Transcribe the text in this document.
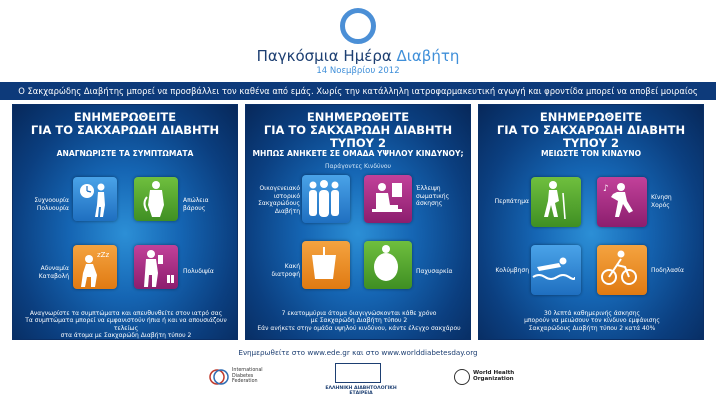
Παγκόσμια Ημέρα Διαβήτη
14 Νοεμβρίου 2012
Ο Σακχαρώδης Διαβήτης μπορεί να προσβάλλει τον καθένα από εμάς. Χωρίς την κατάλληλη ιατροφαρμακευτική αγωγή και φροντίδα μπορεί να αποβεί μοιραίος
ΕΝΗΜΕΡΩΘΕΙΤΕ
ΓΙΑ ΤΟ ΣΑΚΧΑΡΩΔΗ ΔΙΑΒΗΤΗ
ΑΝΑΓΝΩΡΙΣΤΕ ΤΑ ΣΥΜΠΤΩΜΑΤΑ
zZz
Συχνοουρία
Πολυουρία
Απώλεια
βάρους
Αδυναμία
Καταβολή
Πολυδιψία
Αναγνωρίστε τα συμπτώματα και απευθυνθείτε στον ιατρό σας
Τα συμπτώματα μπορεί να εμφανιστούν ήπια ή και να απουσιάζουν τελείως
στα άτομα με Σακχαρώδη Διαβήτη τύπου 2
ΕΝΗΜΕΡΩΘΕΙΤΕ
ΓΙΑ ΤΟ ΣΑΚΧΑΡΩΔΗ ΔΙΑΒΗΤΗ ΤΥΠΟΥ 2
ΜΗΠΩΣ ΑΝΗΚΕΤΕ ΣΕ ΟΜΑΔΑ ΥΨΗΛΟΥ ΚΙΝΔΥΝΟΥ;
Παράγοντες Κινδύνου
Οικογενειακό
ιστορικό
Σακχαρώδους
Διαβήτη
Έλλειψη
σωματικής
άσκησης
Κακή
διατροφή	Παχυσαρκία
7 εκατομμύρια άτομα διαγιγνώσκονται κάθε χρόνο
με Σακχαρώδη Διαβήτη τύπου 2
Εάν ανήκετε στην ομάδα υψηλού κινδύνου, κάντε έλεγχο σακχάρου
ΕΝΗΜΕΡΩΘΕΙΤΕ
ΓΙΑ ΤΟ ΣΑΚΧΑΡΩΔΗ ΔΙΑΒΗΤΗ ΤΥΠΟΥ 2
ΜΕΙΩΣΤΕ ΤΟΝ ΚΙΝΔΥΝΟ
♪
Περπάτημα
Κίνηση
Χορός
Κολύμβηση	Ποδηλασία
30 λεπτά καθημερινής άσκησης
μπορούν να μειώσουν τον κίνδυνο εμφάνισης
Σακχαρώδους Διαβήτη τύπου 2 κατά 40%
Ενημερωθείτε στο www.ede.gr και στο www.worlddiabetesday.org
International
Diabetes
Federation
ΕΛΛΗΝΙΚΗ ΔΙΑΒΗΤΟΛΟΓΙΚΗ ΕΤΑΙΡΕΙΑ
World Health
Organization
